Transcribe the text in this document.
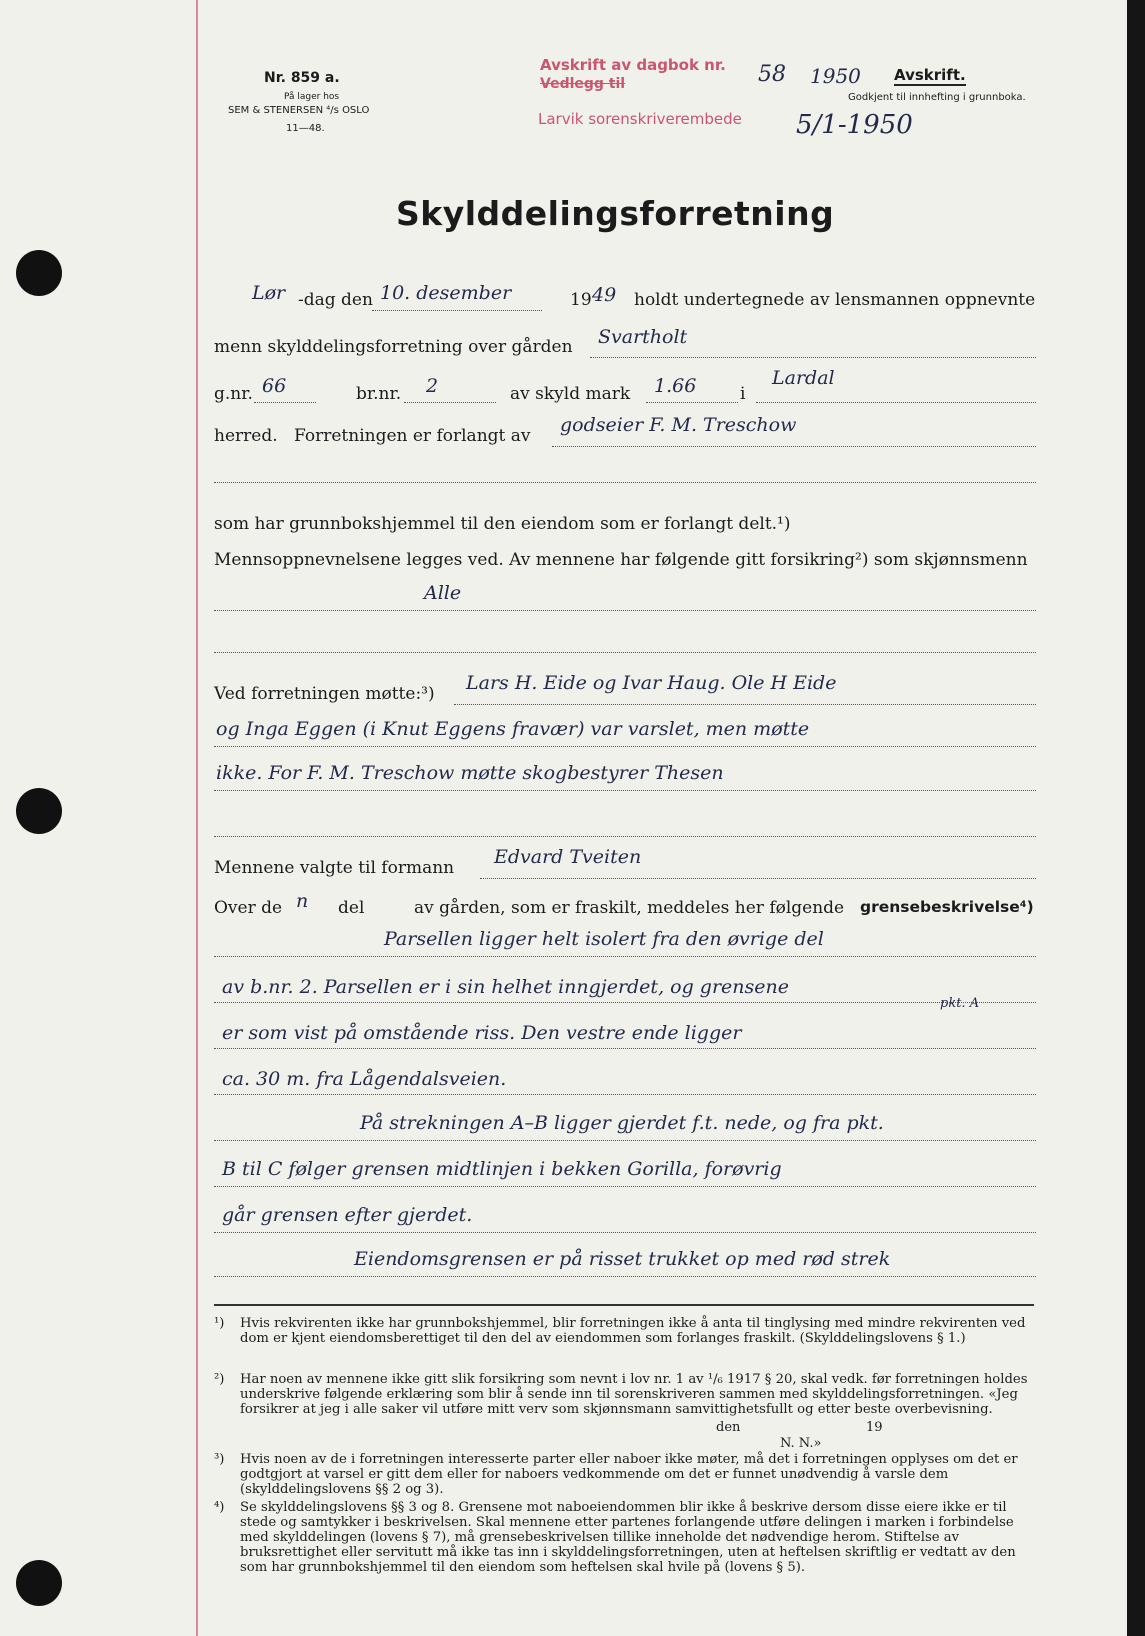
Nr. 859 a.
På lager hos
SEM & STENERSEN ⁴/s OSLO
11—48.
Avskrift av dagbok nr.
Vedlegg til
Larvik sorenskriverembede
58 1950
5/1-1950
Avskrift.
Godkjent til innhefting i grunnboka.
Skylddelingsforretning
Lør -dag den 10. desember	19 49 holdt undertegnede av lensmannen oppnevnte
menn skylddelingsforretning over gården Svartholt
g.nr. 66	br.nr. 2	av skyld mark 1.66	i
Lardal
herred. Forretningen er forlangt av godseier F. M. Treschow
som har grunnbokshjemmel til den eiendom som er forlangt delt.¹)
Mennsoppnevnelsene legges ved. Av mennene har følgende gitt forsikring²) som skjønnsmenn
Alle
Ved forretningen møtte:³) Lars H. Eide og Ivar Haug. Ole H Eide
og Inga Eggen (i Knut Eggens fravær) var varslet, men møtte
ikke. For F. M. Treschow møtte skogbestyrer Thesen
Mennene valgte til formann Edvard Tveiten
Over de n del	av gården, som er fraskilt, meddeles her følgende grensebeskrivelse⁴)
Parsellen ligger helt isolert fra den øvrige del
av b.nr. 2. Parsellen er i sin helhet inngjerdet, og grensene
pkt. A
er som vist på omstående riss. Den vestre ende ligger
ca. 30 m. fra Lågendalsveien.
På strekningen A–B ligger gjerdet f.t. nede, og fra pkt.
B til C følger grensen midtlinjen i bekken Gorilla, forøvrig
går grensen efter gjerdet.
Eiendomsgrensen er på risset trukket op med rød strek
¹) Hvis rekvirenten ikke har grunnbokshjemmel, blir forretningen ikke å anta til tinglysing med mindre rekvirenten ved dom er kjent eiendomsberettiget til den del av eiendommen som forlanges fraskilt. (Skylddelingslovens § 1.)
²) Har noen av mennene ikke gitt slik forsikring som nevnt i lov nr. 1 av ¹/₆ 1917 § 20, skal vedk. før forretningen holdes underskrive følgende erklæring som blir å sende inn til sorenskriveren sammen med skylddelingsforretningen. «Jeg forsikrer at jeg i alle saker vil utføre mitt verv som skjønnsmann samvittighetsfullt og etter beste overbevisning.
den	19
N. N.»
³) Hvis noen av de i forretningen interesserte parter eller naboer ikke møter, må det i forretningen opplyses om det er godtgjort at varsel er gitt dem eller for naboers vedkommende om det er funnet unødvendig å varsle dem (skylddelingslovens §§ 2 og 3).
⁴) Se skylddelingslovens §§ 3 og 8. Grensene mot naboeiendommen blir ikke å beskrive dersom disse eiere ikke er til stede og samtykker i beskrivelsen. Skal mennene etter partenes forlangende utføre delingen i marken i forbindelse med skylddelingen (lovens § 7), må grensebeskrivelsen tillike inneholde det nødvendige herom. Stiftelse av bruksrettighet eller servitutt må ikke tas inn i skylddelingsforretningen, uten at heftelsen skriftlig er vedtatt av den som har grunnbokshjemmel til den eiendom som heftelsen skal hvile på (lovens § 5).
